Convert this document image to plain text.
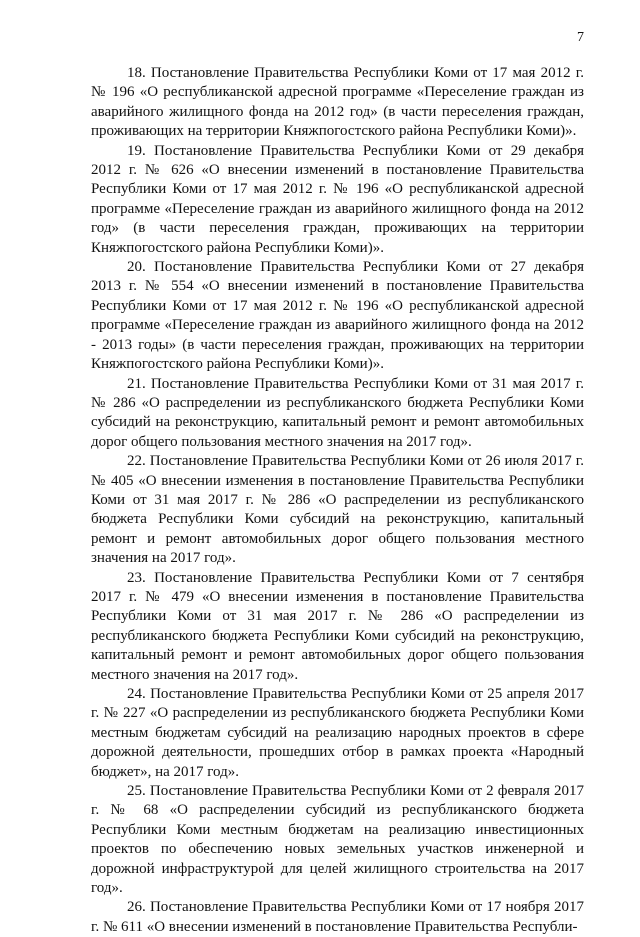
7

18. Постановление Правительства Республики Коми от 17 мая 2012 г. № 196 «О республиканской адресной программе «Переселение граждан из аварийного жилищного фонда на 2012 год» (в части переселения граждан, проживающих на территории Княжпогостского района Республики Коми)».

19. Постановление Правительства Республики Коми от 29 декабря 2012 г. № 626 «О внесении изменений в постановление Правительства Республики Коми от 17 мая 2012 г. № 196 «О республиканской адресной программе «Переселение граждан из аварийного жилищного фонда на 2012 год» (в части переселения граждан, проживающих на территории Княжпогостского района Республики Коми)».

20. Постановление Правительства Республики Коми от 27 декабря 2013 г. № 554 «О внесении изменений в постановление Правительства Республики Коми от 17 мая 2012 г. № 196 «О республиканской адресной программе «Переселение граждан из аварийного жилищного фонда на 2012 - 2013 годы» (в части переселения граждан, проживающих на территории Княжпогостского района Республики Коми)».

21. Постановление Правительства Республики Коми от 31 мая 2017 г. № 286 «О распределении из республиканского бюджета Республики Коми субсидий на реконструкцию, капитальный ремонт и ремонт автомобильных дорог общего пользования местного значения на 2017 год».

22. Постановление Правительства Республики Коми от 26 июля 2017 г. № 405 «О внесении изменения в постановление Правительства Республики Коми от 31 мая 2017 г. № 286 «О распределении из республиканского бюджета Республики Коми субсидий на реконструкцию, капитальный ремонт и ремонт автомобильных дорог общего пользования местного значения на 2017 год».

23. Постановление Правительства Республики Коми от 7 сентября 2017 г. № 479 «О внесении изменения в постановление Правительства Республики Коми от 31 мая 2017 г. № 286 «О распределении из республиканского бюджета Республики Коми субсидий на реконструкцию, капитальный ремонт и ремонт автомобильных дорог общего пользования местного значения на 2017 год».

24. Постановление Правительства Республики Коми от 25 апреля 2017 г. № 227 «О распределении из республиканского бюджета Республики Коми местным бюджетам субсидий на реализацию народных проектов в сфере дорожной деятельности, прошедших отбор в рамках проекта «Народный бюджет», на 2017 год».

25. Постановление Правительства Республики Коми от 2 февраля 2017 г. № 68 «О распределении субсидий из республиканского бюджета Республики Коми местным бюджетам на реализацию инвестиционных проектов по обеспечению новых земельных участков инженерной и дорожной инфраструктурой для целей жилищного строительства на 2017 год».

26. Постановление Правительства Республики Коми от 17 ноября 2017 г. № 611 «О внесении изменений в постановление Правительства Республи-
